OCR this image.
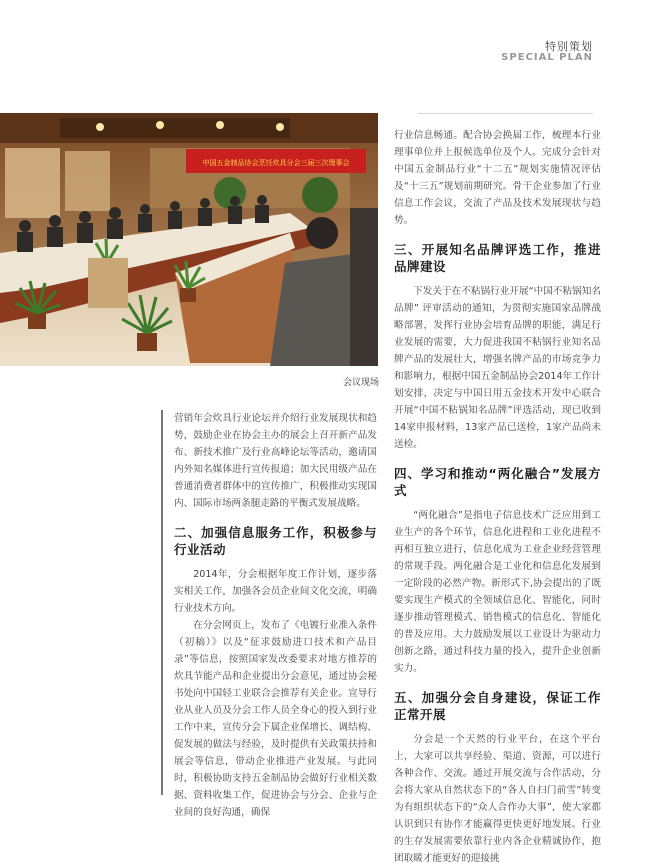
特别策划
SPECIAL PLAN
中国五金制品协会烹饪炊具分会三届三次理事会
会议现场

营销年会炊具行业论坛并介绍行业发展现状和趋势，鼓励企业在协会主办的展会上召开新产品发布、新技术推广及行业高峰论坛等活动，邀请国内外知名媒体进行宣传报道；加大民用级产品在普通消费者群体中的宣传推广，积极推动实现国内、国际市场两条腿走路的平衡式发展战略。

二、加强信息服务工作，积极参与行业活动

2014年，分会根据年度工作计划，逐步落实相关工作，加强各会员企业间文化交流，明确行业技术方向。

在分会网页上，发布了《电镀行业准入条件（初稿）》以及“征求鼓励进口技术和产品目录”等信息，按照国家发改委要求对地方推荐的炊具节能产品和企业提出分会意见，通过协会秘书处向中国轻工业联合会推荐有关企业。宣导行业从业人员及分会工作人员全身心的投入到行业工作中来，宣传分会下属企业保增长、调结构、促发展的做法与经验，及时提供有关政策扶持和展会等信息，带动企业推进产业发展。与此同时，积极协助支持五金制品协会做好行业相关数据、资料收集工作，促进协会与分会、企业与企业间的良好沟通，确保

行业信息畅通。配合协会换届工作，梳理本行业理事单位并上报候选单位及个人。完成分会针对中国五金制品行业“十二五”规划实施情况评估及“十三五”规划前期研究。骨干企业参加了行业信息工作会议，交流了产品及技术发展现状与趋势。

三、开展知名品牌评选工作，推进品牌建设

下发关于在不粘锅行业开展“中国不粘锅知名品牌” 评审活动的通知，为贯彻实施国家品牌战略部署，发挥行业协会培育品牌的职能，满足行业发展的需要，大力促进我国不粘锅行业知名品牌产品的发展壮大，增强名牌产品的市场竞争力和影响力，根据中国五金制品协会2014年工作计划安排，决定与中国日用五金技术开发中心联合开展“中国不粘锅知名品牌”评选活动，现已收到14家申报材料，13家产品已送检，1家产品尚未送检。

四、学习和推动“两化融合”发展方式

“两化融合”是指电子信息技术广泛应用到工业生产的各个环节，信息化进程和工业化进程不再相互独立进行，信息化成为工业企业经营管理的常规手段。两化融合是工业化和信息化发展到一定阶段的必然产物。新形式下,协会提出的了既要实现生产模式的全领域信息化、智能化，同时逐步推动管理模式、销售模式的信息化、智能化的普及应用。大力鼓励发展以工业设计为驱动力创新之路，通过科技力量的投入，提升企业创新实力。

五、加强分会自身建设，保证工作正常开展

分会是一个天然的行业平台，在这个平台上，大家可以共享经验、渠道、资源，可以进行各种合作、交流。通过开展交流与合作活动，分会将大家从自然状态下的“各人自扫门前雪”转变为有组织状态下的“众人合作办大事”，使大家都认识到只有协作才能赢得更快更好地发展。行业的生存发展需要依靠行业内各企业精诚协作，抱团取暖才能更好的迎接挑
